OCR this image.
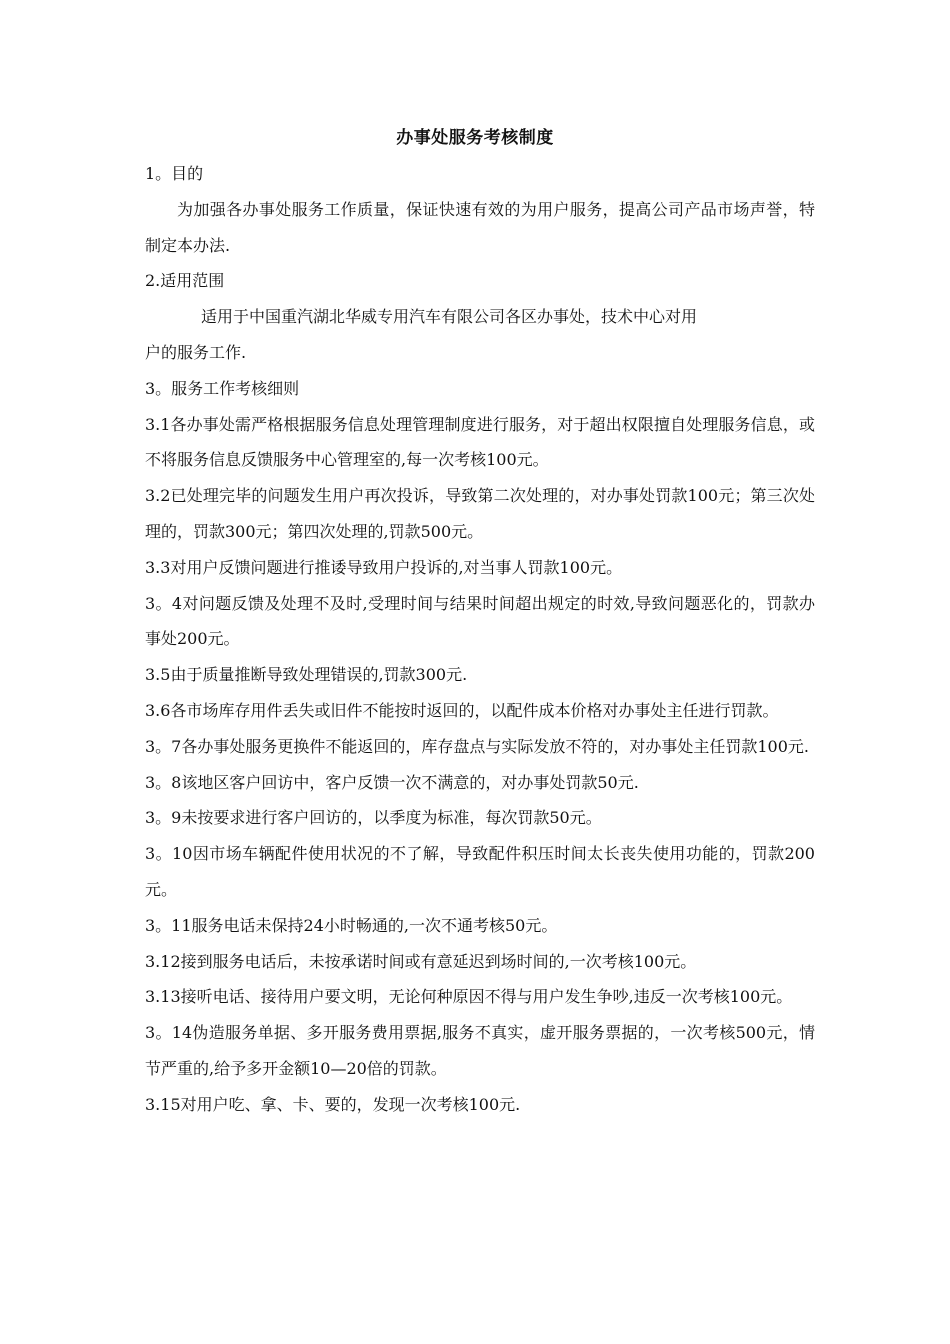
办事处服务考核制度

1。目的

为加强各办事处服务工作质量，保证快速有效的为用户服务，提高公司产品市场声誉，特制定本办法.

2.适用范围

适用于中国重汽湖北华威专用汽车有限公司各区办事处，技术中心对用

户的服务工作.

3。服务工作考核细则

3.1各办事处需严格根据服务信息处理管理制度进行服务，对于超出权限擅自处理服务信息，或不将服务信息反馈服务中心管理室的,每一次考核100元。

3.2已处理完毕的问题发生用户再次投诉，导致第二次处理的，对办事处罚款100元；第三次处理的，罚款300元；第四次处理的,罚款500元。

3.3对用户反馈问题进行推诿导致用户投诉的,对当事人罚款100元。

3。4对问题反馈及处理不及时,受理时间与结果时间超出规定的时效,导致问题恶化的，罚款办事处200元。

3.5由于质量推断导致处理错误的,罚款300元.

3.6各市场库存用件丢失或旧件不能按时返回的，以配件成本价格对办事处主任进行罚款。

3。7各办事处服务更换件不能返回的，库存盘点与实际发放不符的，对办事处主任罚款100元.

3。8该地区客户回访中，客户反馈一次不满意的，对办事处罚款50元.

3。9未按要求进行客户回访的，以季度为标准，每次罚款50元。

3。10因市场车辆配件使用状况的不了解，导致配件积压时间太长丧失使用功能的，罚款200元。

3。11服务电话未保持24小时畅通的,一次不通考核50元。

3.12接到服务电话后，未按承诺时间或有意延迟到场时间的,一次考核100元。

3.13接听电话、接待用户要文明，无论何种原因不得与用户发生争吵,违反一次考核100元。

3。14伪造服务单据、多开服务费用票据,服务不真实，虚开服务票据的，一次考核500元，情节严重的,给予多开金额10—20倍的罚款。

3.15对用户吃、拿、卡、要的，发现一次考核100元.
